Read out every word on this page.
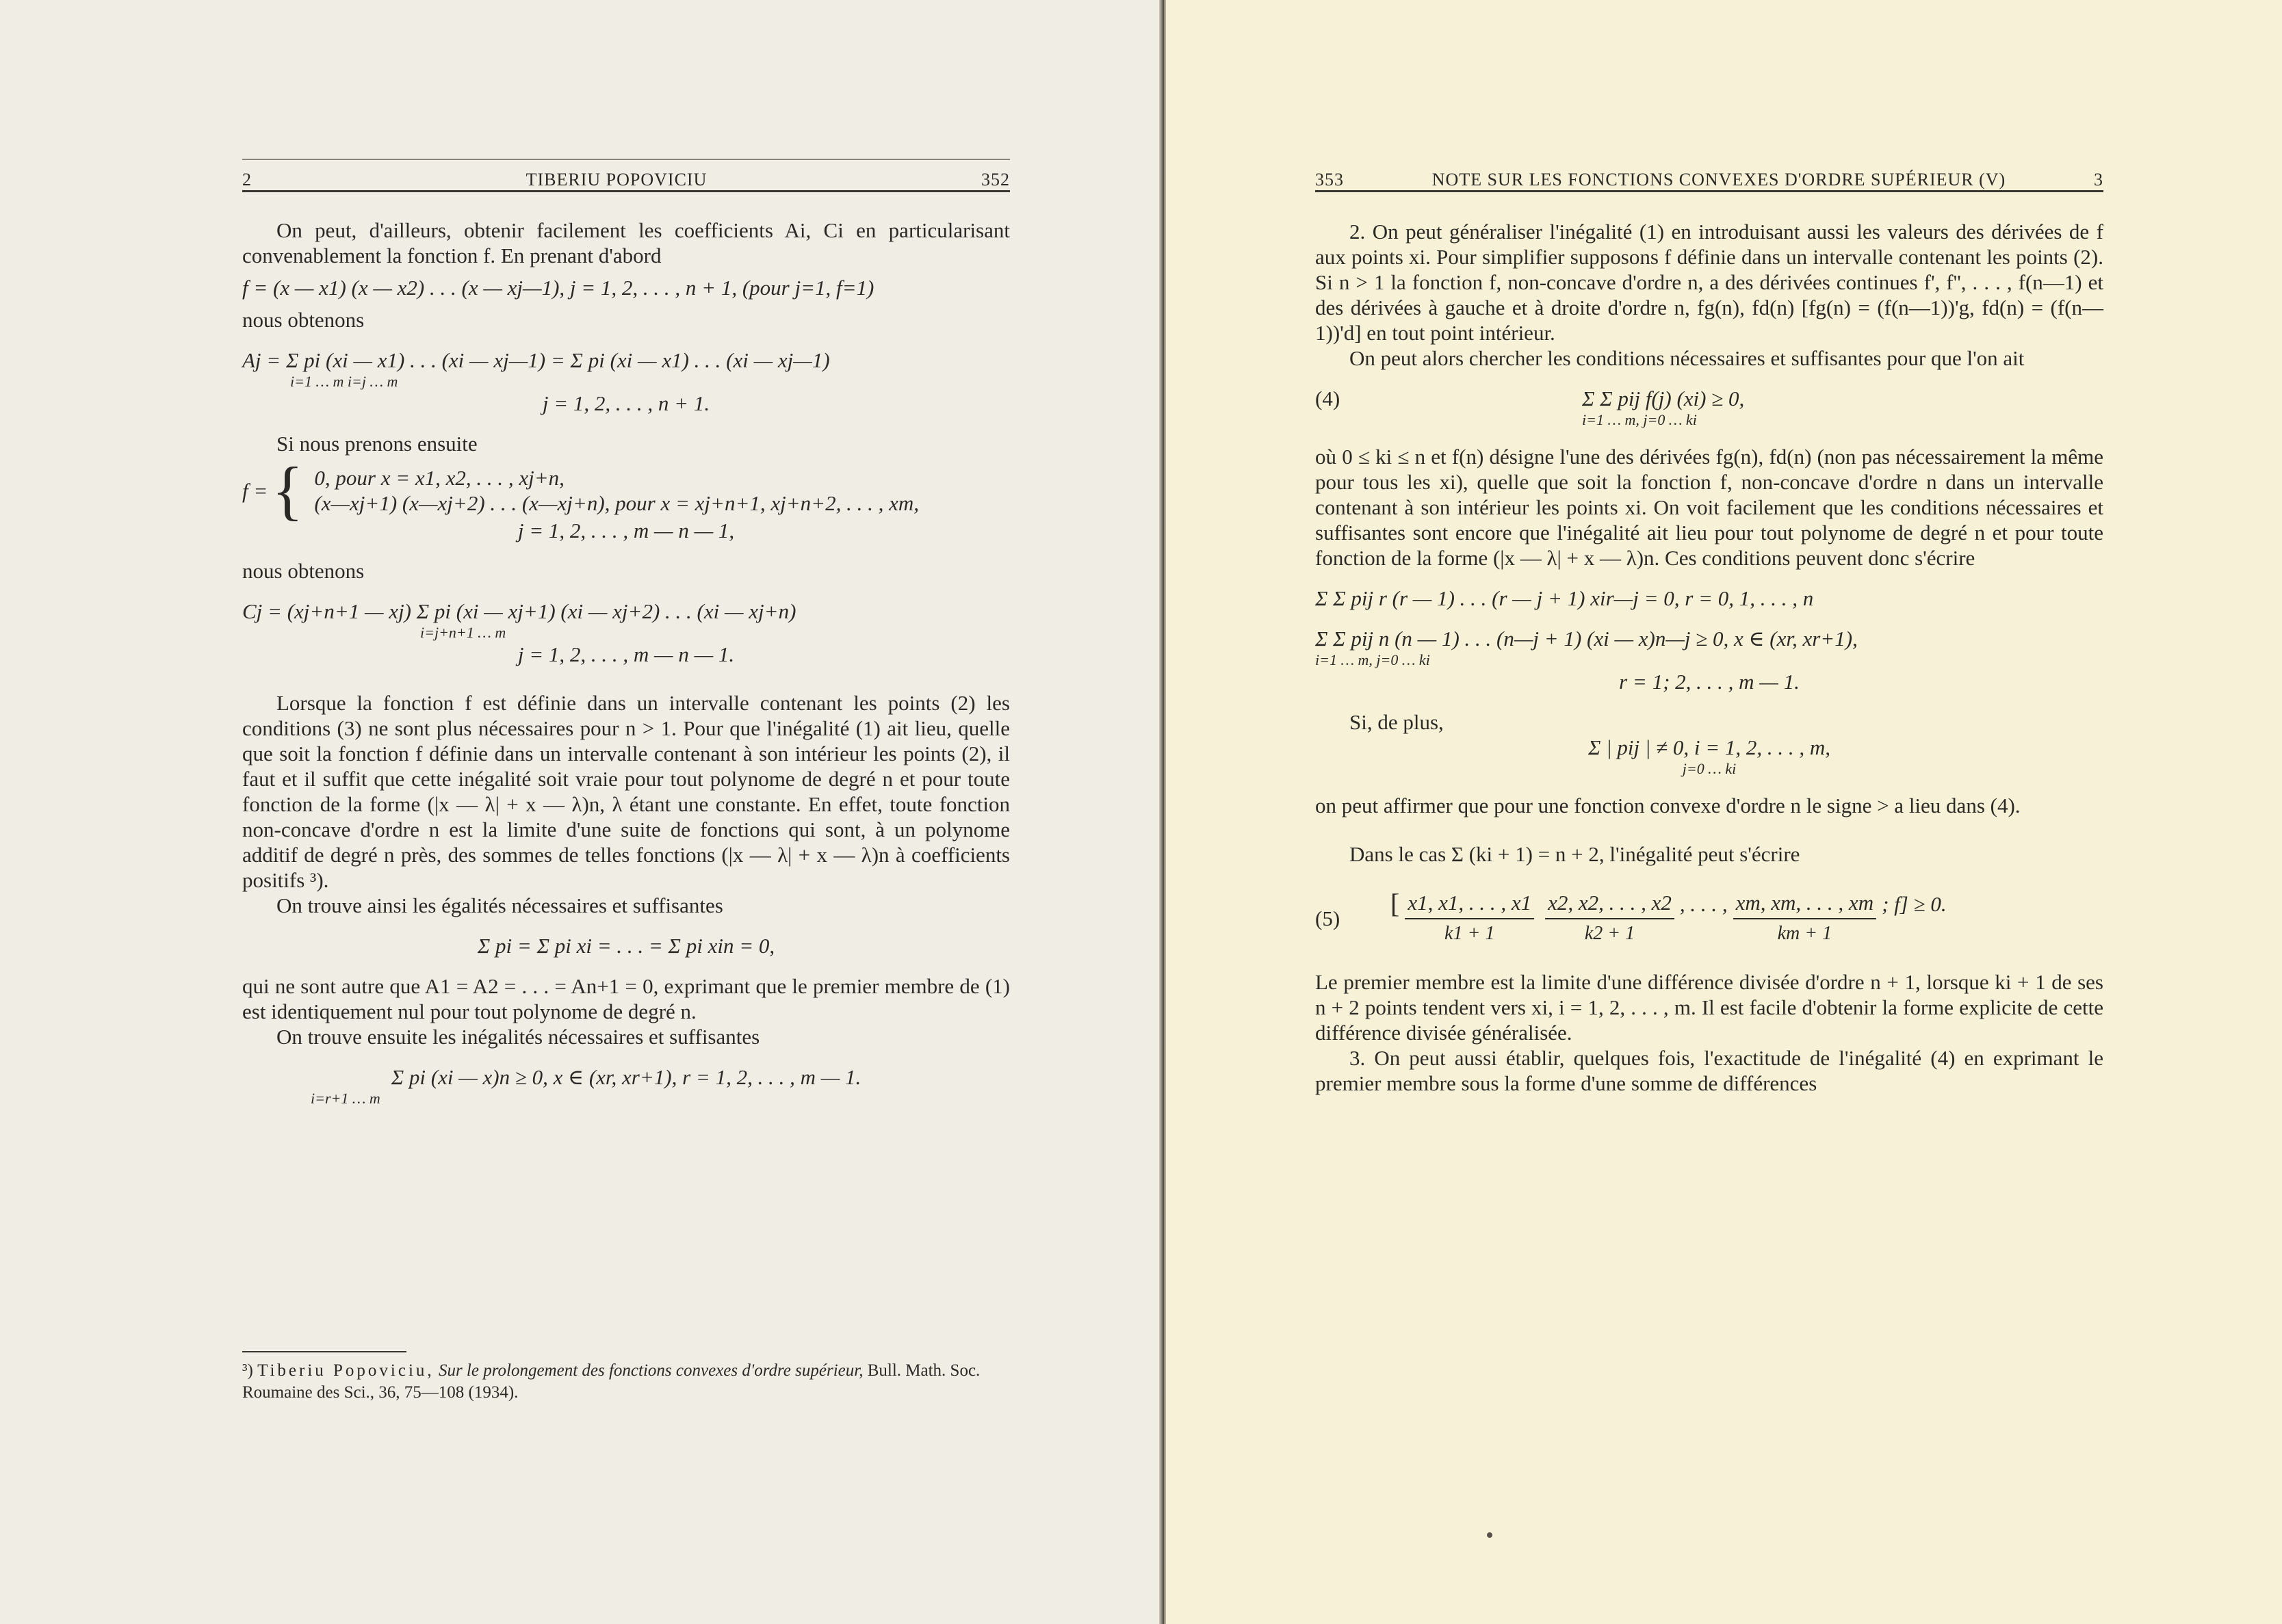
2	TIBERIU POPOVICIU	352

On peut, d'ailleurs, obtenir facilement les coefficients Ai, Ci en particularisant convenablement la fonction f. En prenant d'abord

f = (x — x1) (x — x2) . . . (x — xj—1), j = 1, 2, . . . , n + 1, (pour j=1, f=1)

nous obtenons

Aj = Σ pi (xi — x1) . . . (xi — xj—1) = Σ pi (xi — x1) . . . (xi — xj—1)

i=1 … m i=j … m

j = 1, 2, . . . , n + 1.

Si nous prenons ensuite

f = { 0, pour x = x1, x2, . . . , xj+n,
(x—xj+1) (x—xj+2) . . . (x—xj+n), pour x = xj+n+1, xj+n+2, . . . , xm,

j = 1, 2, . . . , m — n — 1,

nous obtenons

Cj = (xj+n+1 — xj) Σ pi (xi — xj+1) (xi — xj+2) . . . (xi — xj+n)

i=j+n+1 … m

j = 1, 2, . . . , m — n — 1.

Lorsque la fonction f est définie dans un intervalle contenant les points (2) les conditions (3) ne sont plus nécessaires pour n > 1. Pour que l'inégalité (1) ait lieu, quelle que soit la fonction f définie dans un intervalle contenant à son intérieur les points (2), il faut et il suffit que cette inégalité soit vraie pour tout polynome de degré n et pour toute fonction de la forme (|x — λ| + x — λ)n, λ étant une constante. En effet, toute fonction non-concave d'ordre n est la limite d'une suite de fonctions qui sont, à un polynome additif de degré n près, des sommes de telles fonctions (|x — λ| + x — λ)n à coefficients positifs ³).

On trouve ainsi les égalités nécessaires et suffisantes

Σ pi = Σ pi xi = . . . = Σ pi xin = 0,

qui ne sont autre que A1 = A2 = . . . = An+1 = 0, exprimant que le premier membre de (1) est identiquement nul pour tout polynome de degré n.

On trouve ensuite les inégalités nécessaires et suffisantes

Σ pi (xi — x)n ≥ 0, x ∈ (xr, xr+1), r = 1, 2, . . . , m — 1.

i=r+1 … m

³) Tiberiu Popoviciu, Sur le prolongement des fonctions convexes d'ordre supérieur, Bull. Math. Soc. Roumaine des Sci., 36, 75—108 (1934).
353	NOTE SUR LES FONCTIONS CONVEXES D'ORDRE SUPÉRIEUR (V)	3

2. On peut généraliser l'inégalité (1) en introduisant aussi les valeurs des dérivées de f aux points xi. Pour simplifier supposons f définie dans un intervalle contenant les points (2). Si n > 1 la fonction f, non-concave d'ordre n, a des dérivées continues f', f'', . . . , f(n—1) et des dérivées à gauche et à droite d'ordre n, fg(n), fd(n) [fg(n) = (f(n—1))'g, fd(n) = (f(n—1))'d] en tout point intérieur.

On peut alors chercher les conditions nécessaires et suffisantes pour que l'on ait

(4)	Σ Σ pij f(j) (xi) ≥ 0,

i=1 … m, j=0 … ki

où 0 ≤ ki ≤ n et f(n) désigne l'une des dérivées fg(n), fd(n) (non pas nécessairement la même pour tous les xi), quelle que soit la fonction f, non-concave d'ordre n dans un intervalle contenant à son intérieur les points xi. On voit facilement que les conditions nécessaires et suffisantes sont encore que l'inégalité ait lieu pour tout polynome de degré n et pour toute fonction de la forme (|x — λ| + x — λ)n. Ces conditions peuvent donc s'écrire

Σ Σ pij r (r — 1) . . . (r — j + 1) xir—j = 0, r = 0, 1, . . . , n

Σ Σ pij n (n — 1) . . . (n—j + 1) (xi — x)n—j ≥ 0, x ∈ (xr, xr+1),

i=1 … m, j=0 … ki

r = 1; 2, . . . , m — 1.

Si, de plus,

Σ | pij | ≠ 0, i = 1, 2, . . . , m,

j=0 … ki

on peut affirmer que pour une fonction convexe d'ordre n le signe > a lieu dans (4).

Dans le cas Σ (ki + 1) = n + 2, l'inégalité peut s'écrire

(5)	[ x1, x1, . . . , x1
k1 + 1
x2, x2, . . . , x2
k2 + 1
, . . . , xm, xm, . . . , xm
km + 1
; f] ≥ 0.

Le premier membre est la limite d'une différence divisée d'ordre n + 1, lorsque ki + 1 de ses n + 2 points tendent vers xi, i = 1, 2, . . . , m. Il est facile d'obtenir la forme explicite de cette différence divisée généralisée.

3. On peut aussi établir, quelques fois, l'exactitude de l'inégalité (4) en exprimant le premier membre sous la forme d'une somme de différences
